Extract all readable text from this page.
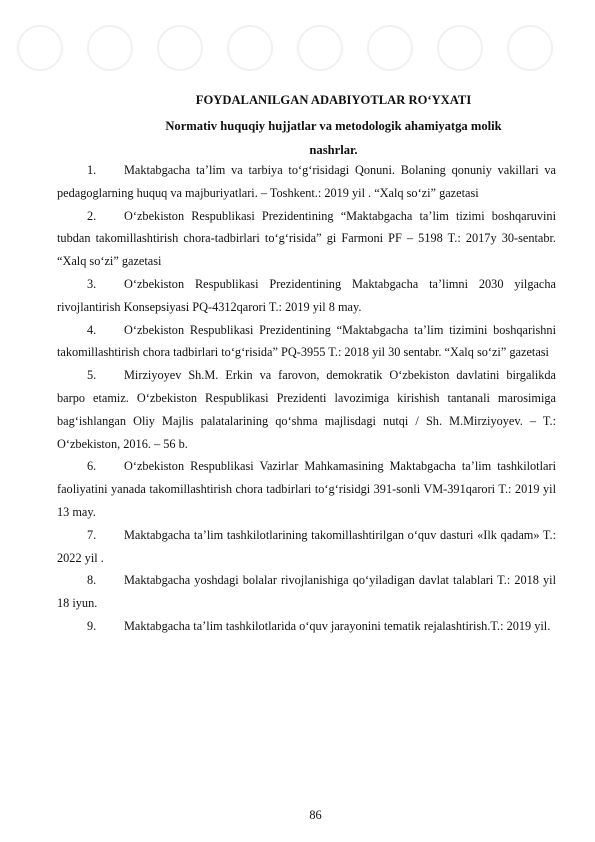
FOYDALANILGAN ADABIYOTLAR RO‘YXATI
Normativ huquqiy hujjatlar va metodologik ahamiyatga molik
nashrlar.

1. Maktabgacha ta’lim va tarbiya to‘g‘risidagi Qonuni. Bolaning qonuniy vakillari va pedagoglarning huquq va majburiyatlari. – Toshkent.: 2019 yil . “Xalq so‘zi” gazetasi

2. O‘zbekiston Respublikasi Prezidentining “Maktabgacha ta’lim tizimi boshqaruvini tubdan takomillashtirish chora-tadbirlari to‘g‘risida” gi Farmoni PF – 5198 T.: 2017y 30-sentabr. “Xalq so‘zi” gazetasi

3. O‘zbekiston Respublikasi Prezidentining Maktabgacha ta’limni 2030 yilgacha rivojlantirish Konsepsiyasi PQ-4312qarori T.: 2019 yil 8 may.

4. O‘zbekiston Respublikasi Prezidentining “Maktabgacha ta’lim tizimini boshqarishni takomillashtirish chora tadbirlari to‘g‘risida” PQ-3955 T.: 2018 yil 30 sentabr. “Xalq so‘zi” gazetasi

5. Mirziyoyev Sh.M. Erkin va farovon, demokratik O‘zbekiston davlatini birgalikda barpo etamiz. O‘zbekiston Respublikasi Prezidenti lavozimiga kirishish tantanali marosimiga bag‘ishlangan Oliy Majlis palatalarining qo‘shma majlisdagi nutqi / Sh. M.Mirziyoyev. – T.: O‘zbekiston, 2016. – 56 b.

6. O‘zbekiston Respublikasi Vazirlar Mahkamasining Maktabgacha ta’lim tashkilotlari faoliyatini yanada takomillashtirish chora tadbirlari to‘g‘risidgi 391-sonli VM-391qarori T.: 2019 yil 13 may.

7. Maktabgacha ta’lim tashkilotlarining takomillashtirilgan o‘quv dasturi «Ilk qadam» T.: 2022 yil .

8. Maktabgacha yoshdagi bolalar rivojlanishiga qo‘yiladigan davlat talablari T.: 2018 yil 18 iyun.

9. Maktabgacha ta’lim tashkilotlarida o‘quv jarayonini tematik rejalashtirish.T.: 2019 yil.

86
